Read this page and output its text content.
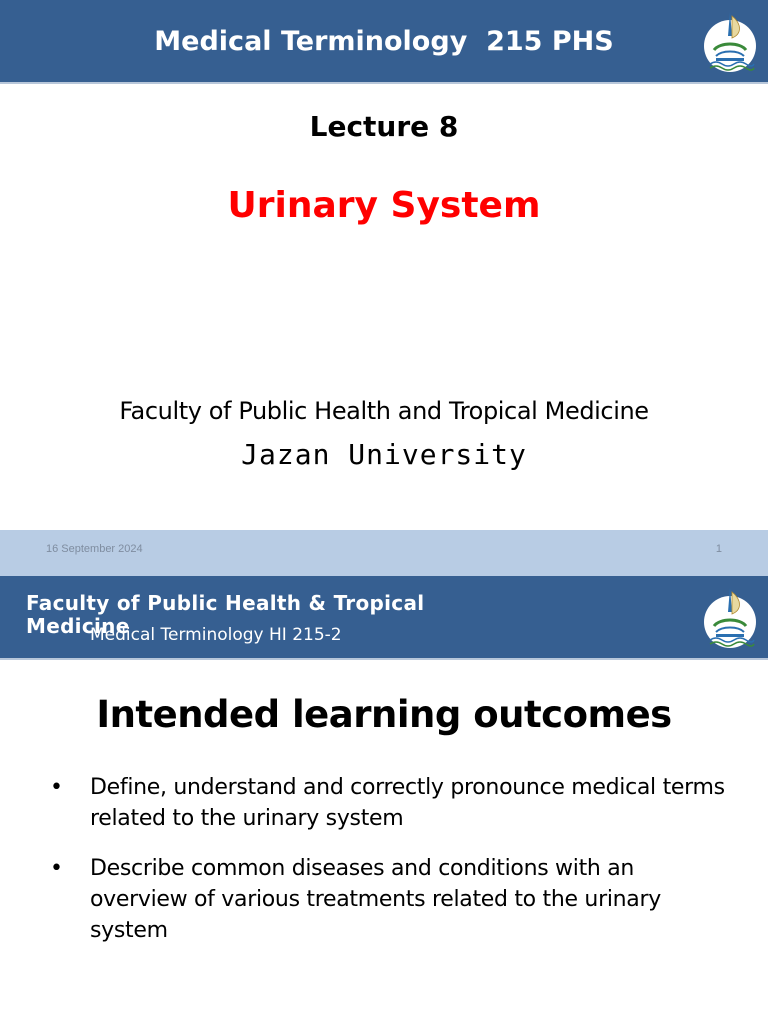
Medical Terminology  215 PHS
Lecture 8
Urinary System
Faculty of Public Health and Tropical Medicine
Jazan University
16 September 2024	1
Faculty of Public Health & Tropical Medicine
Medical Terminology HI 215-2
Intended learning outcomes
• Define, understand and correctly pronounce medical terms related to the urinary system
• Describe common diseases and conditions with an overview of various treatments related to the urinary system
